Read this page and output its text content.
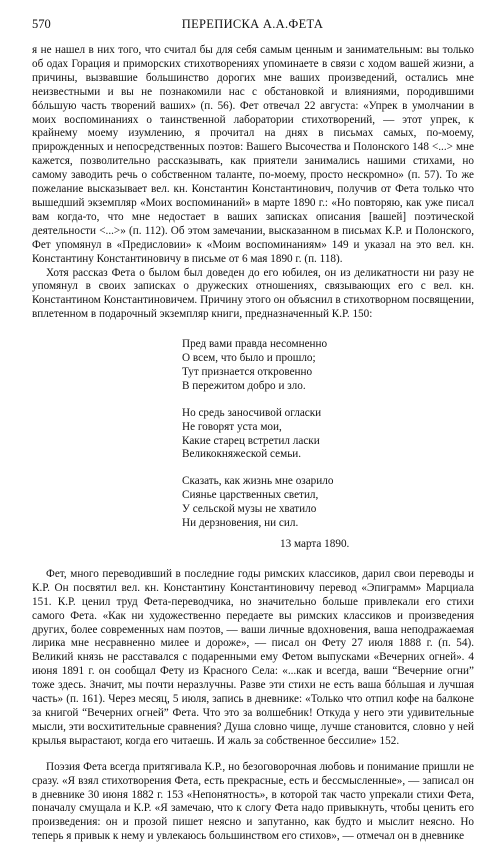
570	ПЕРЕПИСКА А.А.ФЕТА

я не нашел в них того, что считал бы для себя самым ценным и занимательным: вы только об одах Горация и приморских стихотворениях упоминаете в связи с ходом вашей жизни, а причины, вызвавшие большинство дорогих мне ваших произведений, остались мне неизвестными и вы не познакомили нас с обстановкой и влияниями, породившими бóльшую часть творений ваших» (п. 56). Фет отвечал 22 августа: «Упрек в умолчании в моих воспоминаниях о таинственной лаборатории стихотворений, — этот упрек, к крайнему моему изумлению, я прочитал на днях в письмах самых, по-моему, прирожденных и непосредственных поэтов: Вашего Высочества и Полонского 148 <...> мне кажется, позволительно рассказывать, как приятели занимались нашими стихами, но самому заводить речь о собственном таланте, по-моему, просто нескромно» (п. 57). То же пожелание высказывает вел. кн. Константин Константинович, получив от Фета только что вышедший экземпляр «Моих воспоминаний» в марте 1890 г.: «Но повторяю, как уже писал вам когда-то, что мне недостает в ваших записках описания [вашей] поэтической деятельности <...>» (п. 112). Об этом замечании, высказанном в письмах К.Р. и Полонского, Фет упомянул в «Предисловии» к «Моим воспоминаниям» 149 и указал на это вел. кн. Константину Константиновичу в письме от 6 мая 1890 г. (п. 118).

Хотя рассказ Фета о былом был доведен до его юбилея, он из деликатности ни разу не упомянул в своих записках о дружеских отношениях, связывающих его с вел. кн. Константином Константиновичем. Причину этого он объяснил в стихотворном посвящении, вплетенном в подарочный экземпляр книги, предназначенный К.Р. 150:

Пред вами правда несомненно
О всем, что было и прошло;
Тут признается откровенно
В пережитом добро и зло.
Но средь заносчивой огласки
Не говорят уста мои,
Какие старец встретил ласки
Великокняжеской семьи.
Сказать, как жизнь мне озарило
Сиянье царственных светил,
У сельской музы не хватило
Ни дерзновения, ни сил.
13 марта 1890.

Фет, много переводивший в последние годы римских классиков, дарил свои переводы и К.Р. Он посвятил вел. кн. Константину Константиновичу перевод «Эпиграмм» Марциала 151. К.Р. ценил труд Фета-переводчика, но значительно больше привлекали его стихи самого Фета. «Как ни художественно передаете вы римских классиков и произведения других, более современных нам поэтов, — ваши личные вдохновения, ваша неподражаемая лирика мне несравненно милее и дороже», — писал он Фету 27 июля 1888 г. (п. 54). Великий князь не расставался с подаренными ему Фетом выпусками «Вечерних огней». 4 июня 1891 г. он сообщал Фету из Красного Села: «...как и всегда, ваши “Вечерние огни” тоже здесь. Значит, мы почти неразлучны. Разве эти стихи не есть ваша бóльшая и лучшая часть» (п. 161). Через месяц, 5 июля, запись в дневнике: «Только что отпил кофе на балконе за книгой “Вечерних огней” Фета. Что это за волшебник! Откуда у него эти удивительные мысли, эти восхитительные сравнения? Душа словно чище, лучше становится, словно у ней крылья вырастают, когда его читаешь. И жаль за собственное бессилие» 152.

Поэзия Фета всегда притягивала К.Р., но безоговорочная любовь и понимание пришли не сразу. «Я взял стихотворения Фета, есть прекрасные, есть и бессмысленные», — записал он в дневнике 30 июня 1882 г. 153 «Непонятность», в которой так часто упрекали стихи Фета, поначалу смущала и К.Р. «Я замечаю, что к слогу Фета надо привыкнуть, чтобы ценить его произведения: он и прозой пишет неясно и запутанно, как будто и мыслит неясно. Но теперь я привык к нему и увлекаюсь большинством его стихов», — отмечал он в дневнике
